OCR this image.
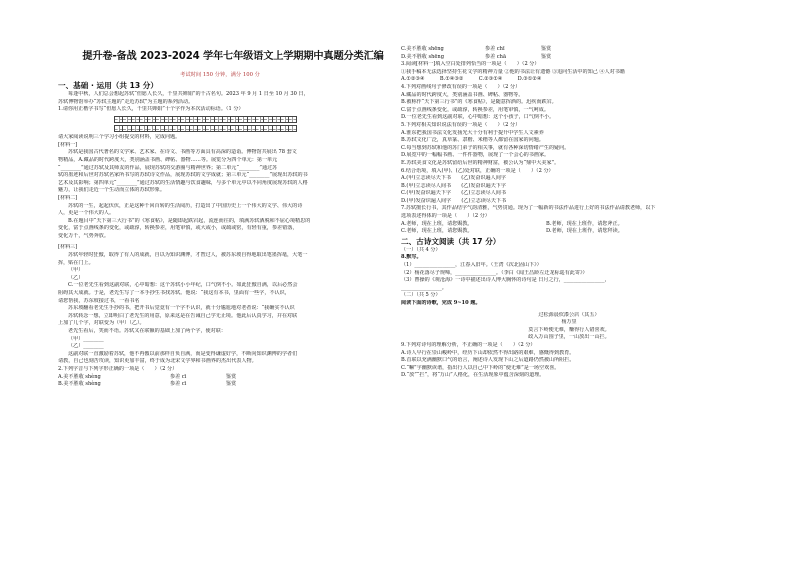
提升卷-备战 2023-2024 学年七年级语文上学期期中真题分类汇编
考试时间 150 分钟，满分 100 分

一、基础 · 运用（共 13 分）

每逢中秋，人们总会想起苏轼“但愿人长久，千里共婵娟”的千古名句。2023 年 9 月 1 日至 10 月 30 日，

苏轼博物馆举办“苏轼主题的“走近苏轼”为主题的系列活动。

1.请你用正楷字书写“但愿人长久，千里共婵娟”十个字作为本次活动标语。（1 分）

请大家阅读说明三个学习小组提交的材料，完成问题。

[材料一]

苏轼是我国古代著名的文学家、艺术家、在诗文、书画等方面具有高深的造诣。博物馆共展出 78 套文

物精品，A.藏品的时代跨度大，类别涵盖书画、碑帖、器物……等。展览分为四个单元：第一单元

“________”通过苏轼及其师友的作品，展现苏轼的交游圈与精神世界；第二单元“________”通过苏

轼的墨迹和后世对苏轼名家所书写的苏轼诗文作品，展现苏轼的文学成就；第三单元“________”展现出苏轼的书

艺术及其影响；第四单元“________”通过苏轼的生活情趣与饮食趣味，与多个单元中以不同角度展现苏轼的人格

魅力，让我们走近一个生动而立体的苏轼形象。

[材料二]

苏轼的一生，起起伏伏，正是这种千回百转的生活阅历，打造出了中国历史上一个伟大的文学、伟大的诗

人，更是一个伟大的人。

B.在题目中“天下第三大行书”的《寒食帖》，是随即起跌宕起，流连而往的，填满苏轼洒脱和不屈心境精思的

变化，富于点画线条的变化，或疏淳，转换参差，用笔审慎，或大或小，或疏或密，有轻有重，参差错落，

变化万千，气势奔放。

[材料三]

苏轼年轻时狂傲，取得了有人的成就，自以为知识渊博，才智过人，被苏东坡自得地取出笔墨挥毫，大笔一

挥，贴在门上。

（甲）

（乙）

C.一位老先生看到这副对联，心中暗想：这个苏轼小小年纪，口气倒不小。如此狂傲自满，以后必然会

阻碍其大成就。于是，老先生写了一本手抄生书找苏轼。他说：“我这有本书，里面有一些字，不认识，

请您帮我，苏东坡接过书，一看书名

苏东坡翻看老先生手抄的书，把开书后觉竟有一个字不认识，就十分尴尬地对老者说：“我确实不认识

苏轼转念一想，立即明白了老先生的用意，原来这是在告诫自己学无止境。他此后认真学习，并在对联

上加了几个字，对联变为（甲）（乙）。

老先生看后，笑而不语。苏轼又在联额的基础上加了两个字，使对联：

（甲）________

（乙）________

这副对联一直激励着苏轼，他不再傲以前那样自负自满，而是变得谦虚好学，不断向知识渊博的学者们

请教，自己也刻苦攻读，知识更加丰富，终于成为北宋文学界和书画界的杰出代表人物。

2.下列字音与下列字形正确的一项是（　　）（2 分）

A.美不胜收 shèng	参差 cī	鉴赏
B.美不胜收 shèng	参差 cī	鉴赏
C.美不胜收 shēng	参差 chī	鉴赏
D.美不胜收 shēng	参差 chā	鉴赏

3.阅读[材料一]填入空白处排列恰当的一项是（　　）（2 分）

①我手稿本无法选择坚持生花文学的精神力量 ②他的书法让有遗憾 ③追问生活中的知己 ④人对书籍

A.①②③④　　　B.①④③②　　　C.②③①④　　　D.③①②④

4.下列对画线句子修改有误的一项是（　　）（2 分）

A.藏品的时代跨度大，类别涵盖书画、碑帖、器物等。

B.被称作“天下第三行书”的《寒食帖》，是随意挥洒的。迅疾而跌宕。

C.富于点画线条变化，或疏淳，转换参差，用笔审慎，一气呵成。

D.一位老先生看到这副对联，心中暗想：这个小孩子，口气倒不小。

5.下列对相关知识说法有误的一项是（　　）（2 分）

A.淮东把我国书法文化发扬光大十分有利于提升中学生人文素养

B.苏轼文化广泛，真草篆、隶楷、米楷等人都留在国家的问题。

C.每当想到苏轼和他的苏门弟子的相关事，就有各种深切情绪产生的疑问。

D.展览中的一幅幅书画、一件件器物，展现了一个会心的书画家。

E.苏轼美食文化是苏轼留给后世的精神财富，被公认为“鼎中大美家”。

6.结合语境，填入(甲)、(乙)处对联，正确的一项是（　　）（2 分）

A.(甲)立志读尽天下书　　(乙)发奋识遍人间字

B.(甲)立志读尽人间书　　(乙)发奋识遍天下字

C.(甲)发奋识遍天下字　　(乙)立志读尽人间书

D.(甲)发奋识遍人间字　　(乙)立志读尽天下书

7.苏轼擅长行书，其作品结字气韵清雅，气势贯通。现为了一幅新的书法作品进行上好的书法作品请教老师，以下

选项表述得体的一项是（　　）（2 分）

A.老师，现在上班，请您赐教。	B.老师，现在上班作，请您斧正。
C.老师，现在上班，请您赐教。	D.老师，现在上班作，请您拜读。

二、古诗文阅读（共 17 分）

（一）（共 4 分）

8.默写。

（1）________________，江春入旧年。（王湾《次北固山下》）

（2）杨花落尽子规啼，________________。（李白《闻王昌龄左迁龙标遥有此寄》）

（3）曹操的《观沧海》一诗中描述出诗人博大胸怀的诗句是 日月之行，________________，

________________。

（二）（共 5 分）

阅读下面的诗歌，完成 9~10 题。

过松源晨炊漆公店（其五）

杨万里

莫言下岭便无难，赚得行人错喜欢。

政入万山围子里，一山放出一山拦。

9.下列对诗句的理解分析，不正确的一项是（　　）（2 分）

A.诗人早行在崇山峻岭中，经历下山却依然不得出路的艰难，感慨得到教育。

B.首联以充满幽默口气的语言，阐述诗人发现下山之后道路仍然被山所阻拦。

C.“嘛”字幽默诙谐，指出行人以自己中下岭的“使无难”是一场空欢喜。

D.“放”“拦”，将“万山”人格化，在生活现象中蕴含深刻的道理。
